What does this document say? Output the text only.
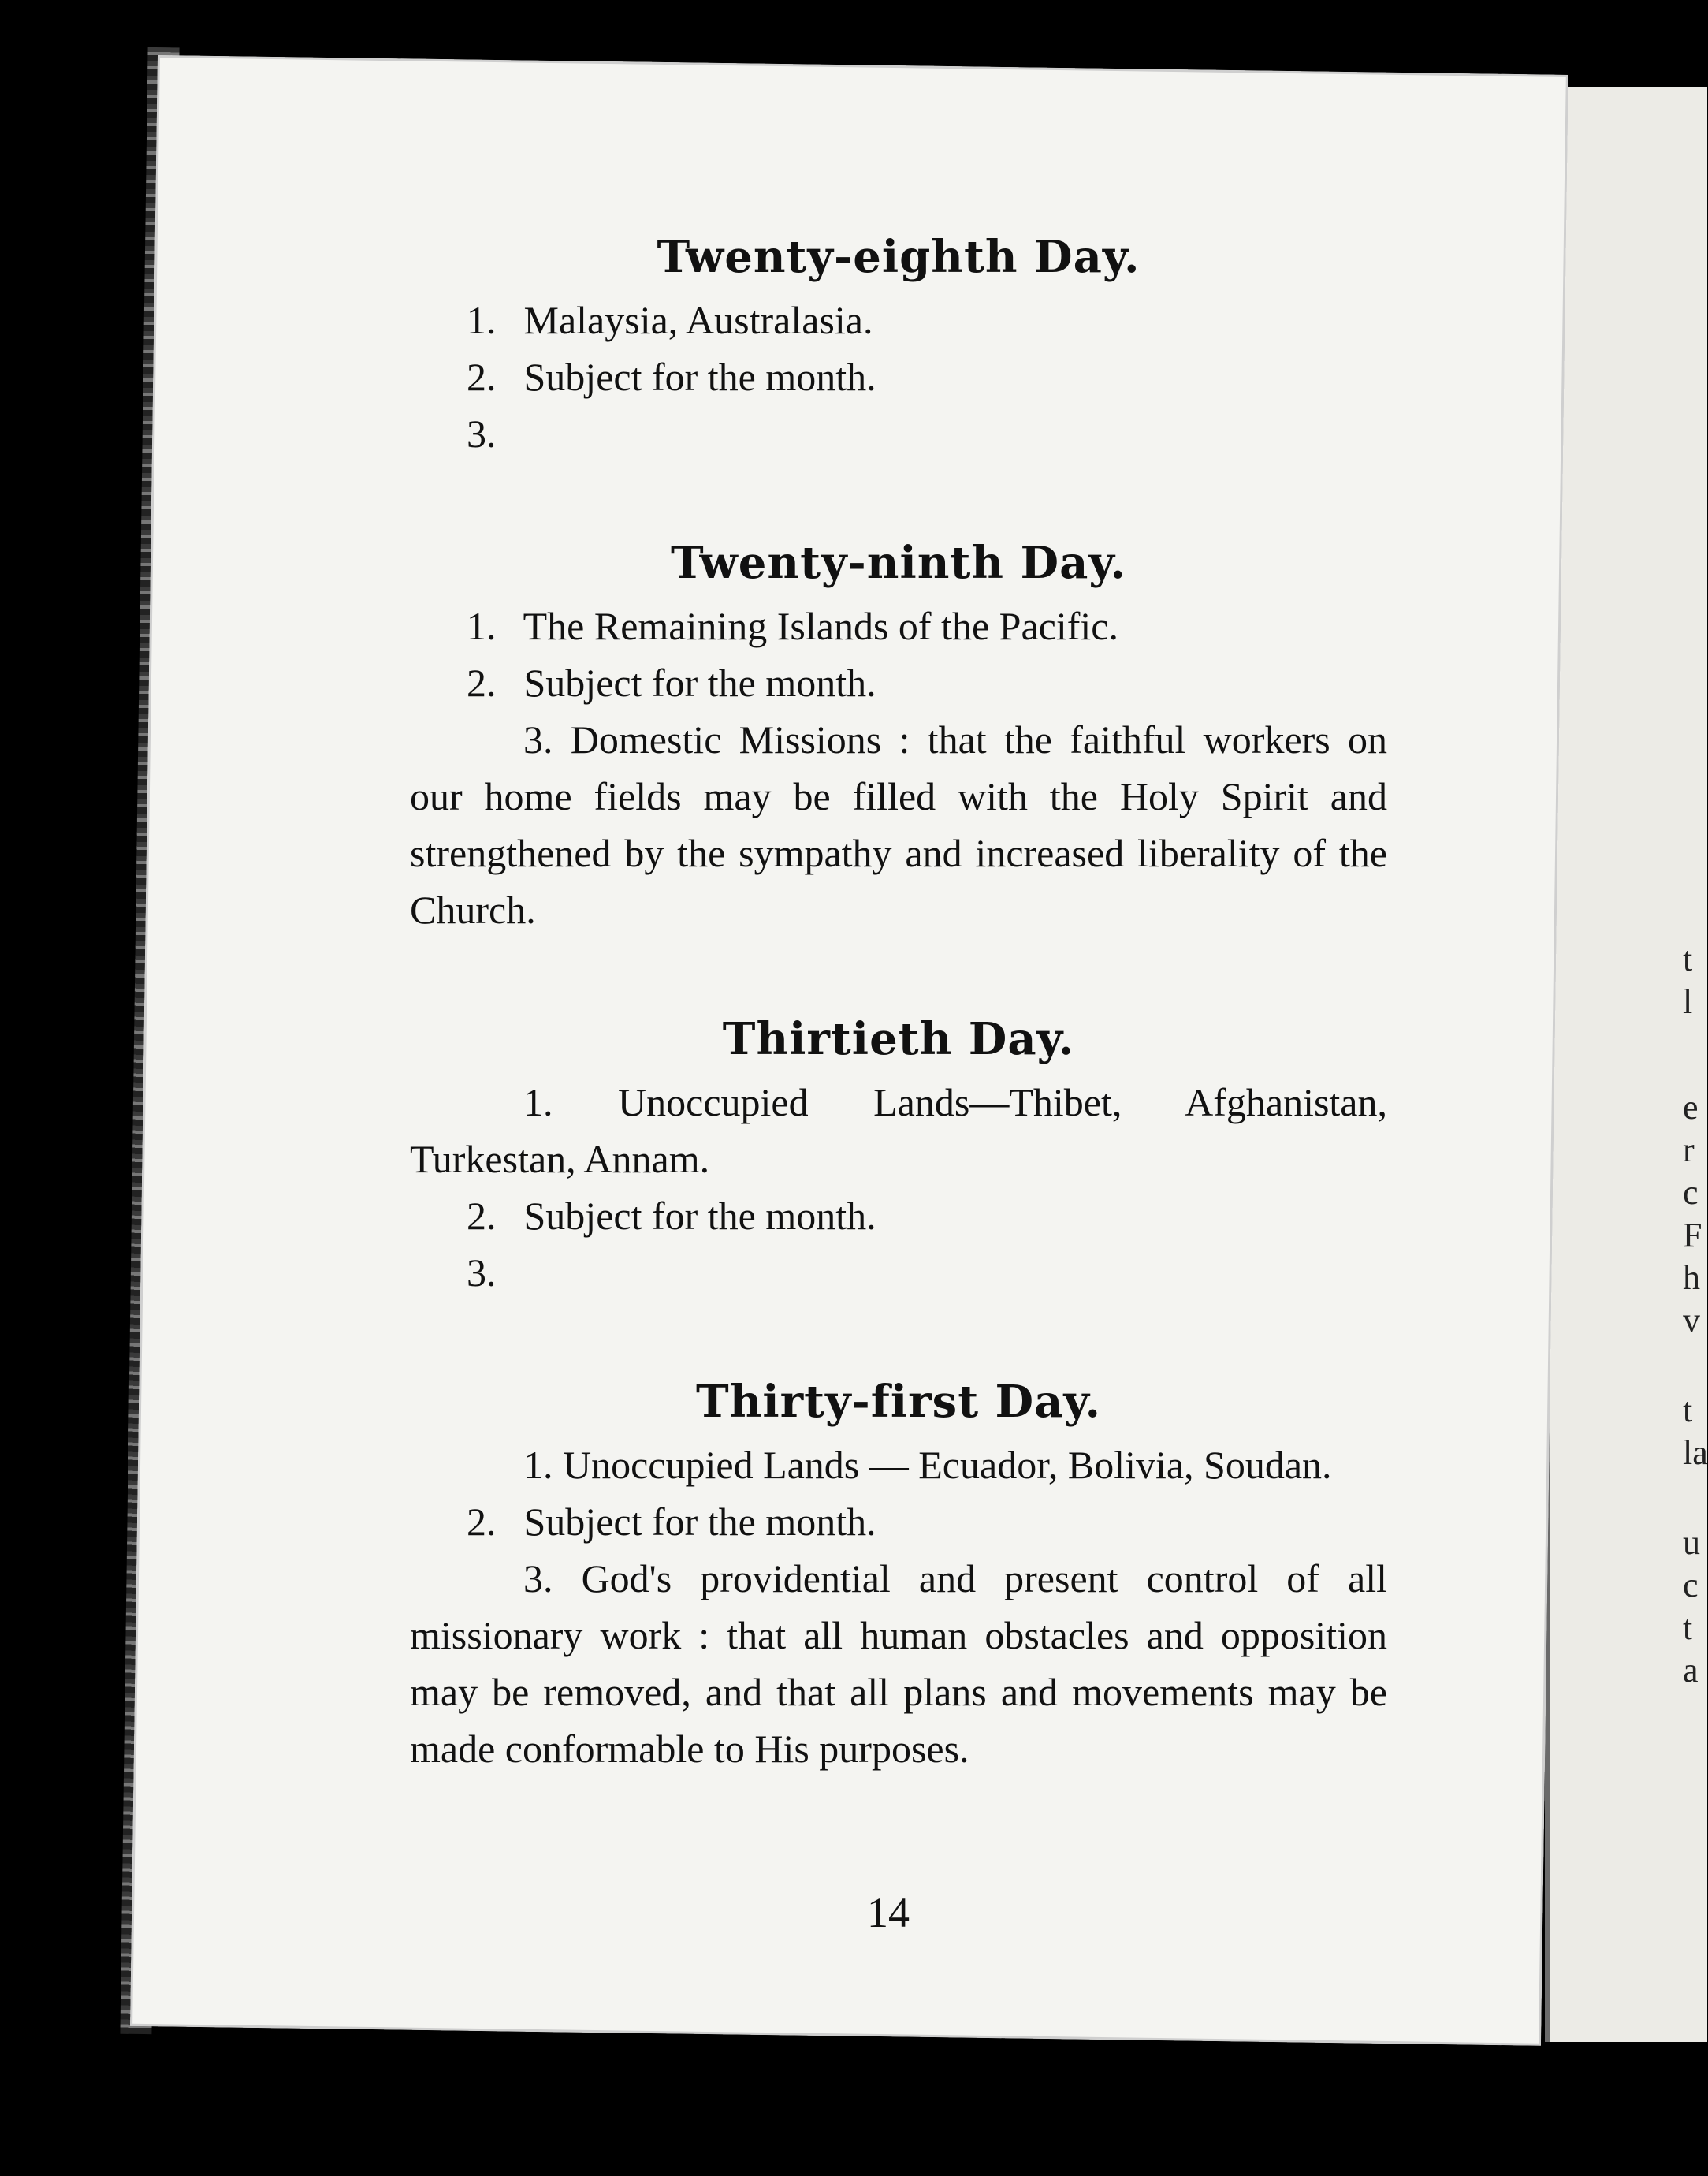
t
l
e
r
c
F
h
v
t
la
u
c
t
a
Twenty-eighth Day.

1. Malaysia, Australasia.

2. Subject for the month.

3.

Twenty-ninth Day.

1. The Remaining Islands of the Pacific.

2. Subject for the month.

3. Domestic Missions : that the faithful workers on our home fields may be filled with the Holy Spirit and strengthened by the sympathy and increased liberality of the Church.

Thirtieth Day.

1. Unoccupied Lands—Thibet, Afghanistan, Turkestan, Annam.

2. Subject for the month.

3.

Thirty-first Day.

1. Unoccupied Lands — Ecuador, Bolivia, Soudan.

2. Subject for the month.

3. God's providential and present control of all missionary work : that all human obstacles and opposition may be removed, and that all plans and movements may be made conformable to His purposes.

14
